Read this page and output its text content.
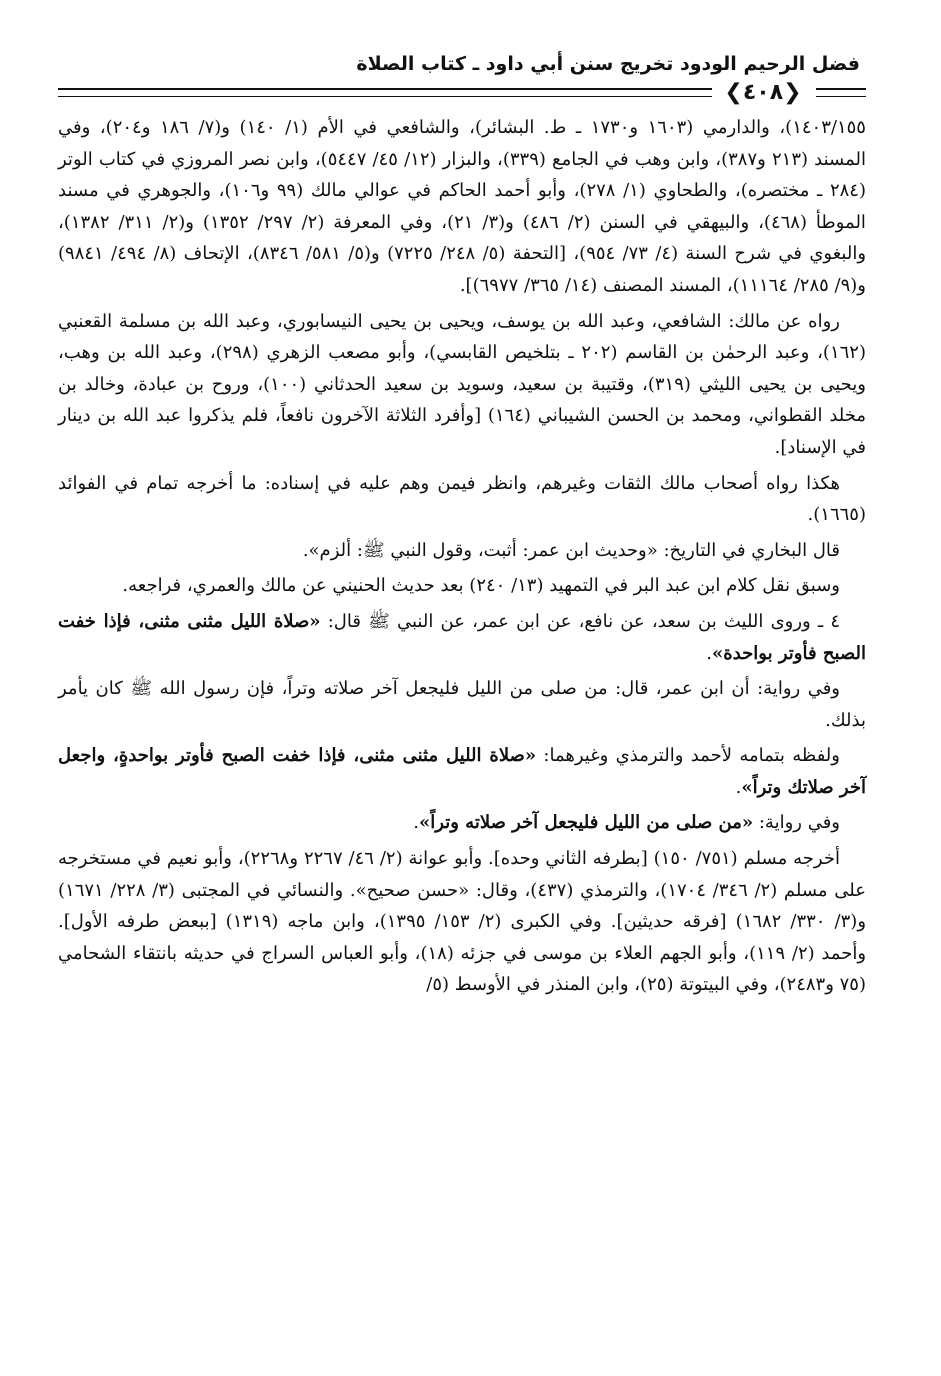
فضل الرحيم الودود تخريج سنن أبي داود ـ كتاب الصلاة
❮٤٠٨❯

١٤٠٣/١٥٥)، والدارمي (١٦٠٣ و١٧٣٠ ـ ط. البشائر)، والشافعي في الأم (١/ ١٤٠) و(٧/ ١٨٦ و٢٠٤)، وفي المسند (٢١٣ و٣٨٧)، وابن وهب في الجامع (٣٣٩)، والبزار (١٢/ ٤٥/ ٥٤٤٧)، وابن نصر المروزي في كتاب الوتر (٢٨٤ ـ مختصره)، والطحاوي (١/ ٢٧٨)، وأبو أحمد الحاكم في عوالي مالك (٩٩ و١٠٦)، والجوهري في مسند الموطأ (٤٦٨)، والبيهقي في السنن (٢/ ٤٨٦) و(٣/ ٢١)، وفي المعرفة (٢/ ٢٩٧/ ١٣٥٢) و(٢/ ٣١١/ ١٣٨٢)، والبغوي في شرح السنة (٤/ ٧٣/ ٩٥٤)، [التحفة (٥/ ٢٤٨/ ٧٢٢٥) و(٥/ ٥٨١/ ٨٣٤٦)، الإتحاف (٨/ ٤٩٤/ ٩٨٤١) و(٩/ ٢٨٥/ ١١١٦٤)، المسند المصنف (١٤/ ٣٦٥/ ٦٩٧٧)].

رواه عن مالك: الشافعي، وعبد الله بن يوسف، ويحيى بن يحيى النيسابوري، وعبد الله بن مسلمة القعنبي (١٦٢)، وعبد الرحمٰن بن القاسم (٢٠٢ ـ بتلخيص القابسي)، وأبو مصعب الزهري (٢٩٨)، وعبد الله بن وهب، ويحيى بن يحيى الليثي (٣١٩)، وقتيبة بن سعيد، وسويد بن سعيد الحدثاني (١٠٠)، وروح بن عبادة، وخالد بن مخلد القطواني، ومحمد بن الحسن الشيباني (١٦٤) [وأفرد الثلاثة الآخرون نافعاً، فلم يذكروا عبد الله بن دينار في الإسناد].

هكذا رواه أصحاب مالك الثقات وغيرهم، وانظر فيمن وهم عليه في إسناده: ما أخرجه تمام في الفوائد (١٦٦٥).

قال البخاري في التاريخ: «وحديث ابن عمر: أثبت، وقول النبي ﷺ: ألزم».

وسبق نقل كلام ابن عبد البر في التمهيد (١٣/ ٢٤٠) بعد حديث الحنيني عن مالك والعمري، فراجعه.

٤ ـ وروى الليث بن سعد، عن نافع، عن ابن عمر، عن النبي ﷺ قال: «صلاة الليل مثنى مثنى، فإذا خفت الصبح فأوتر بواحدة».

وفي رواية: أن ابن عمر، قال: من صلى من الليل فليجعل آخر صلاته وتراً، فإن رسول الله ﷺ كان يأمر بذلك.

ولفظه بتمامه لأحمد والترمذي وغيرهما: «صلاة الليل مثنى مثنى، فإذا خفت الصبح فأوتر بواحدةٍ، واجعل آخر صلاتك وتراً».

وفي رواية: «من صلى من الليل فليجعل آخر صلاته وتراً».

أخرجه مسلم (٧٥١/ ١٥٠) [بطرفه الثاني وحده]. وأبو عوانة (٢/ ٤٦/ ٢٢٦٧ و٢٢٦٨)، وأبو نعيم في مستخرجه على مسلم (٢/ ٣٤٦/ ١٧٠٤)، والترمذي (٤٣٧)، وقال: «حسن صحيح». والنسائي في المجتبى (٣/ ٢٢٨/ ١٦٧١) و(٣/ ٣٣٠/ ١٦٨٢) [فرقه حديثين]. وفي الكبرى (٢/ ١٥٣/ ١٣٩٥)، وابن ماجه (١٣١٩) [ببعض طرفه الأول]. وأحمد (٢/ ١١٩)، وأبو الجهم العلاء بن موسى في جزئه (١٨)، وأبو العباس السراج في حديثه بانتقاء الشحامي (٧٥ و٢٤٨٣)، وفي البيتوتة (٢٥)، وابن المنذر في الأوسط (٥/
